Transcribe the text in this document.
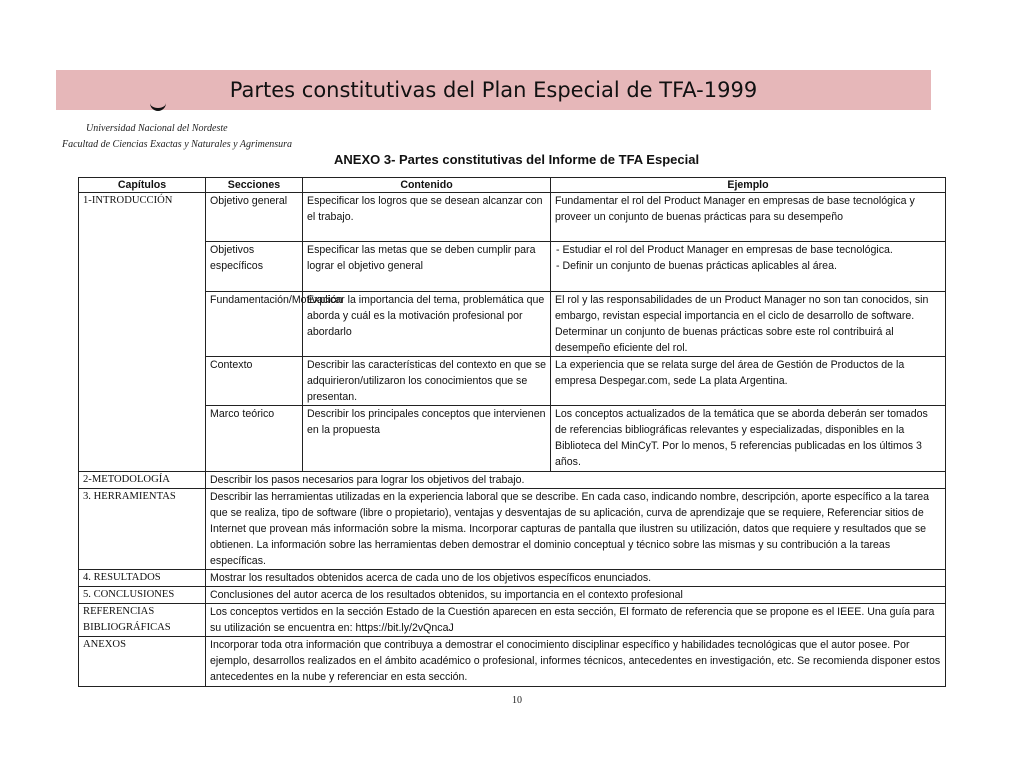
Partes constitutivas del Plan Especial de TFA-1999
Universidad Nacional del Nordeste
Facultad de Ciencias Exactas y Naturales y Agrimensura
ANEXO 3- Partes constitutivas del Informe de TFA Especial
Capítulos	Secciones	Contenido	Ejemplo
1-INTRODUCCIÓN	Objetivo general	Especificar los logros que se desean alcanzar con el trabajo.	Fundamentar el rol del Product Manager en empresas de base tecnológica y proveer un conjunto de buenas prácticas para su desempeño
	Objetivos específicos	Especificar las metas que se deben cumplir para lograr el objetivo general	- Estudiar el rol del Product Manager en empresas de base tecnológica.
- Definir un conjunto de buenas prácticas aplicables al área.

	Fundamentación/Motivación	Explicar la importancia del tema, problemática que aborda y cuál es la motivación profesional por abordarlo	El rol y las responsabilidades de un Product Manager no son tan conocidos, sin embargo, revistan especial importancia en el ciclo de desarrollo de software. Determinar un conjunto de buenas prácticas sobre este rol contribuirá al desempeño eficiente del rol.
	Contexto	Describir las características del contexto en que se adquirieron/utilizaron los conocimientos que se presentan.	La experiencia que se relata surge del área de Gestión de Productos de la empresa Despegar.com, sede La plata Argentina.
	Marco teórico	Describir los principales conceptos que intervienen en la propuesta	Los conceptos actualizados de la temática que se aborda deberán ser tomados de referencias bibliográficas relevantes y especializadas, disponibles en la Biblioteca del MinCyT. Por lo menos, 5 referencias publicadas en los últimos 3 años.
2-METODOLOGÍA	Describir los pasos necesarios para lograr los objetivos del trabajo.		
3. HERRAMIENTAS	Describir las herramientas utilizadas en la experiencia laboral que se describe. En cada caso, indicando nombre, descripción, aporte específico a la tarea que se realiza, tipo de software (libre o propietario), ventajas y desventajas de su aplicación, curva de aprendizaje que se requiere, Referenciar sitios de Internet que provean más información sobre la misma. Incorporar capturas de pantalla que ilustren su utilización, datos que requiere y resultados que se obtienen. La información sobre las herramientas deben demostrar el dominio conceptual y técnico sobre las mismas y su contribución a la tareas específicas.		
4. RESULTADOS	Mostrar los resultados obtenidos acerca de cada uno de los objetivos específicos enunciados.		
5. CONCLUSIONES	Conclusiones del autor acerca de los resultados obtenidos, su importancia en el contexto profesional		
REFERENCIAS BIBLIOGRÁFICAS	Los conceptos vertidos en la sección Estado de la Cuestión aparecen en esta sección, El formato de referencia que se propone es el IEEE. Una guía para su utilización se encuentra en: https://bit.ly/2vQncaJ		
ANEXOS	Incorporar toda otra información que contribuya a demostrar el conocimiento disciplinar específico y habilidades tecnológicas que el autor posee. Por ejemplo, desarrollos realizados en el ámbito académico o profesional, informes técnicos, antecedentes en investigación, etc. Se recomienda disponer estos antecedentes en la nube y referenciar en esta sección.		
10
